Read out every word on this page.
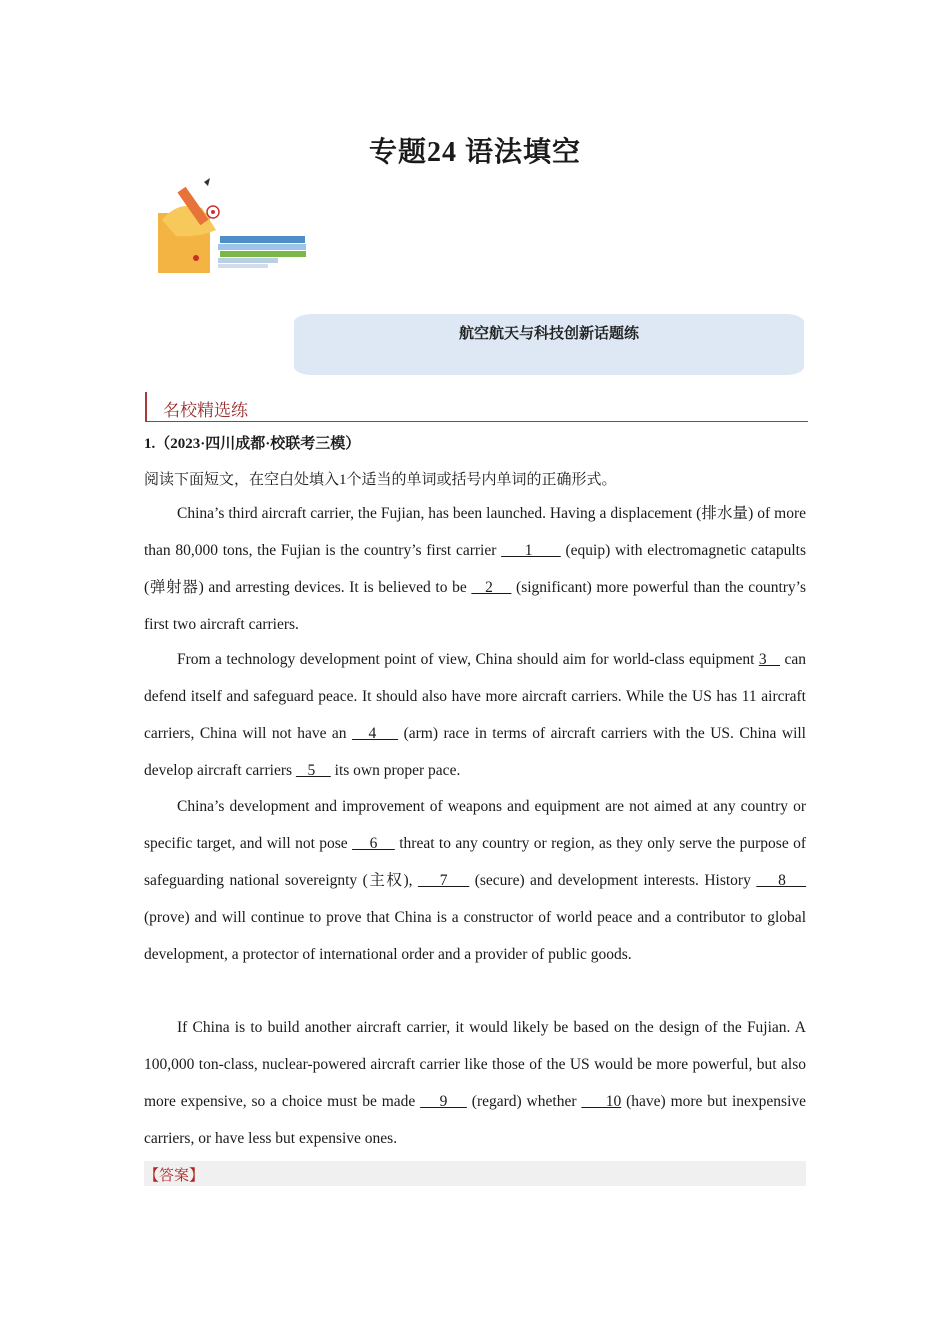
专题24 语法填空
航空航天与科技创新话题练
名校精选练
1.（2023·四川成都·校联考三模）
阅读下面短文，在空白处填入1个适当的单词或括号内单词的正确形式。

China’s third aircraft carrier, the Fujian, has been launched. Having a displacement (排水量) of more than 80,000 tons, the Fujian is the country’s first carrier      1       (equip) with electromagnetic catapults (弹射器) and arresting devices. It is believed to be    2     (significant) more powerful than the country’s first two aircraft carriers.

From a technology development point of view, China should aim for world-class equipment 3    can defend itself and safeguard peace. It should also have more aircraft carriers. While the US has 11 aircraft carriers, China will not have an    4     (arm) race in terms of aircraft carriers with the US. China will develop aircraft carriers    5     its own proper pace.

China’s development and improvement of weapons and equipment are not aimed at any country or specific target, and will not pose     6     threat to any country or region, as they only serve the purpose of safeguarding national sovereignty (主权),     7     (secure) and development interests. History     8     (prove) and will continue to prove that China is a constructor of world peace and a contributor to global development, a protector of international order and a provider of public goods.

If China is to build another aircraft carrier, it would likely be based on the design of the Fujian. A 100,000 ton-class, nuclear-powered aircraft carrier like those of the US would be more powerful, but also more expensive, so a choice must be made     9     (regard) whether      10 (have) more but inexpensive carriers, or have less but expensive ones.

【答案】
